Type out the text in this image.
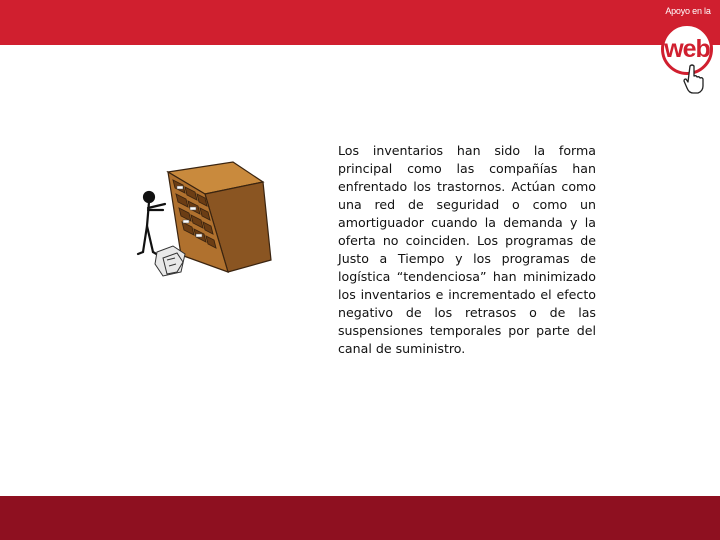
Apoyo en la
web

Los inventarios han sido la forma principal como las compañías han enfrentado los trastornos. Actúan como una red de seguridad o como un amortiguador cuando la demanda y la oferta no coinciden. Los programas de Justo a Tiempo y los programas de logística “tendenciosa” han minimizado los inventarios e incrementado el efecto negativo de los retrasos o de las suspensiones temporales por parte del canal de suministro.
